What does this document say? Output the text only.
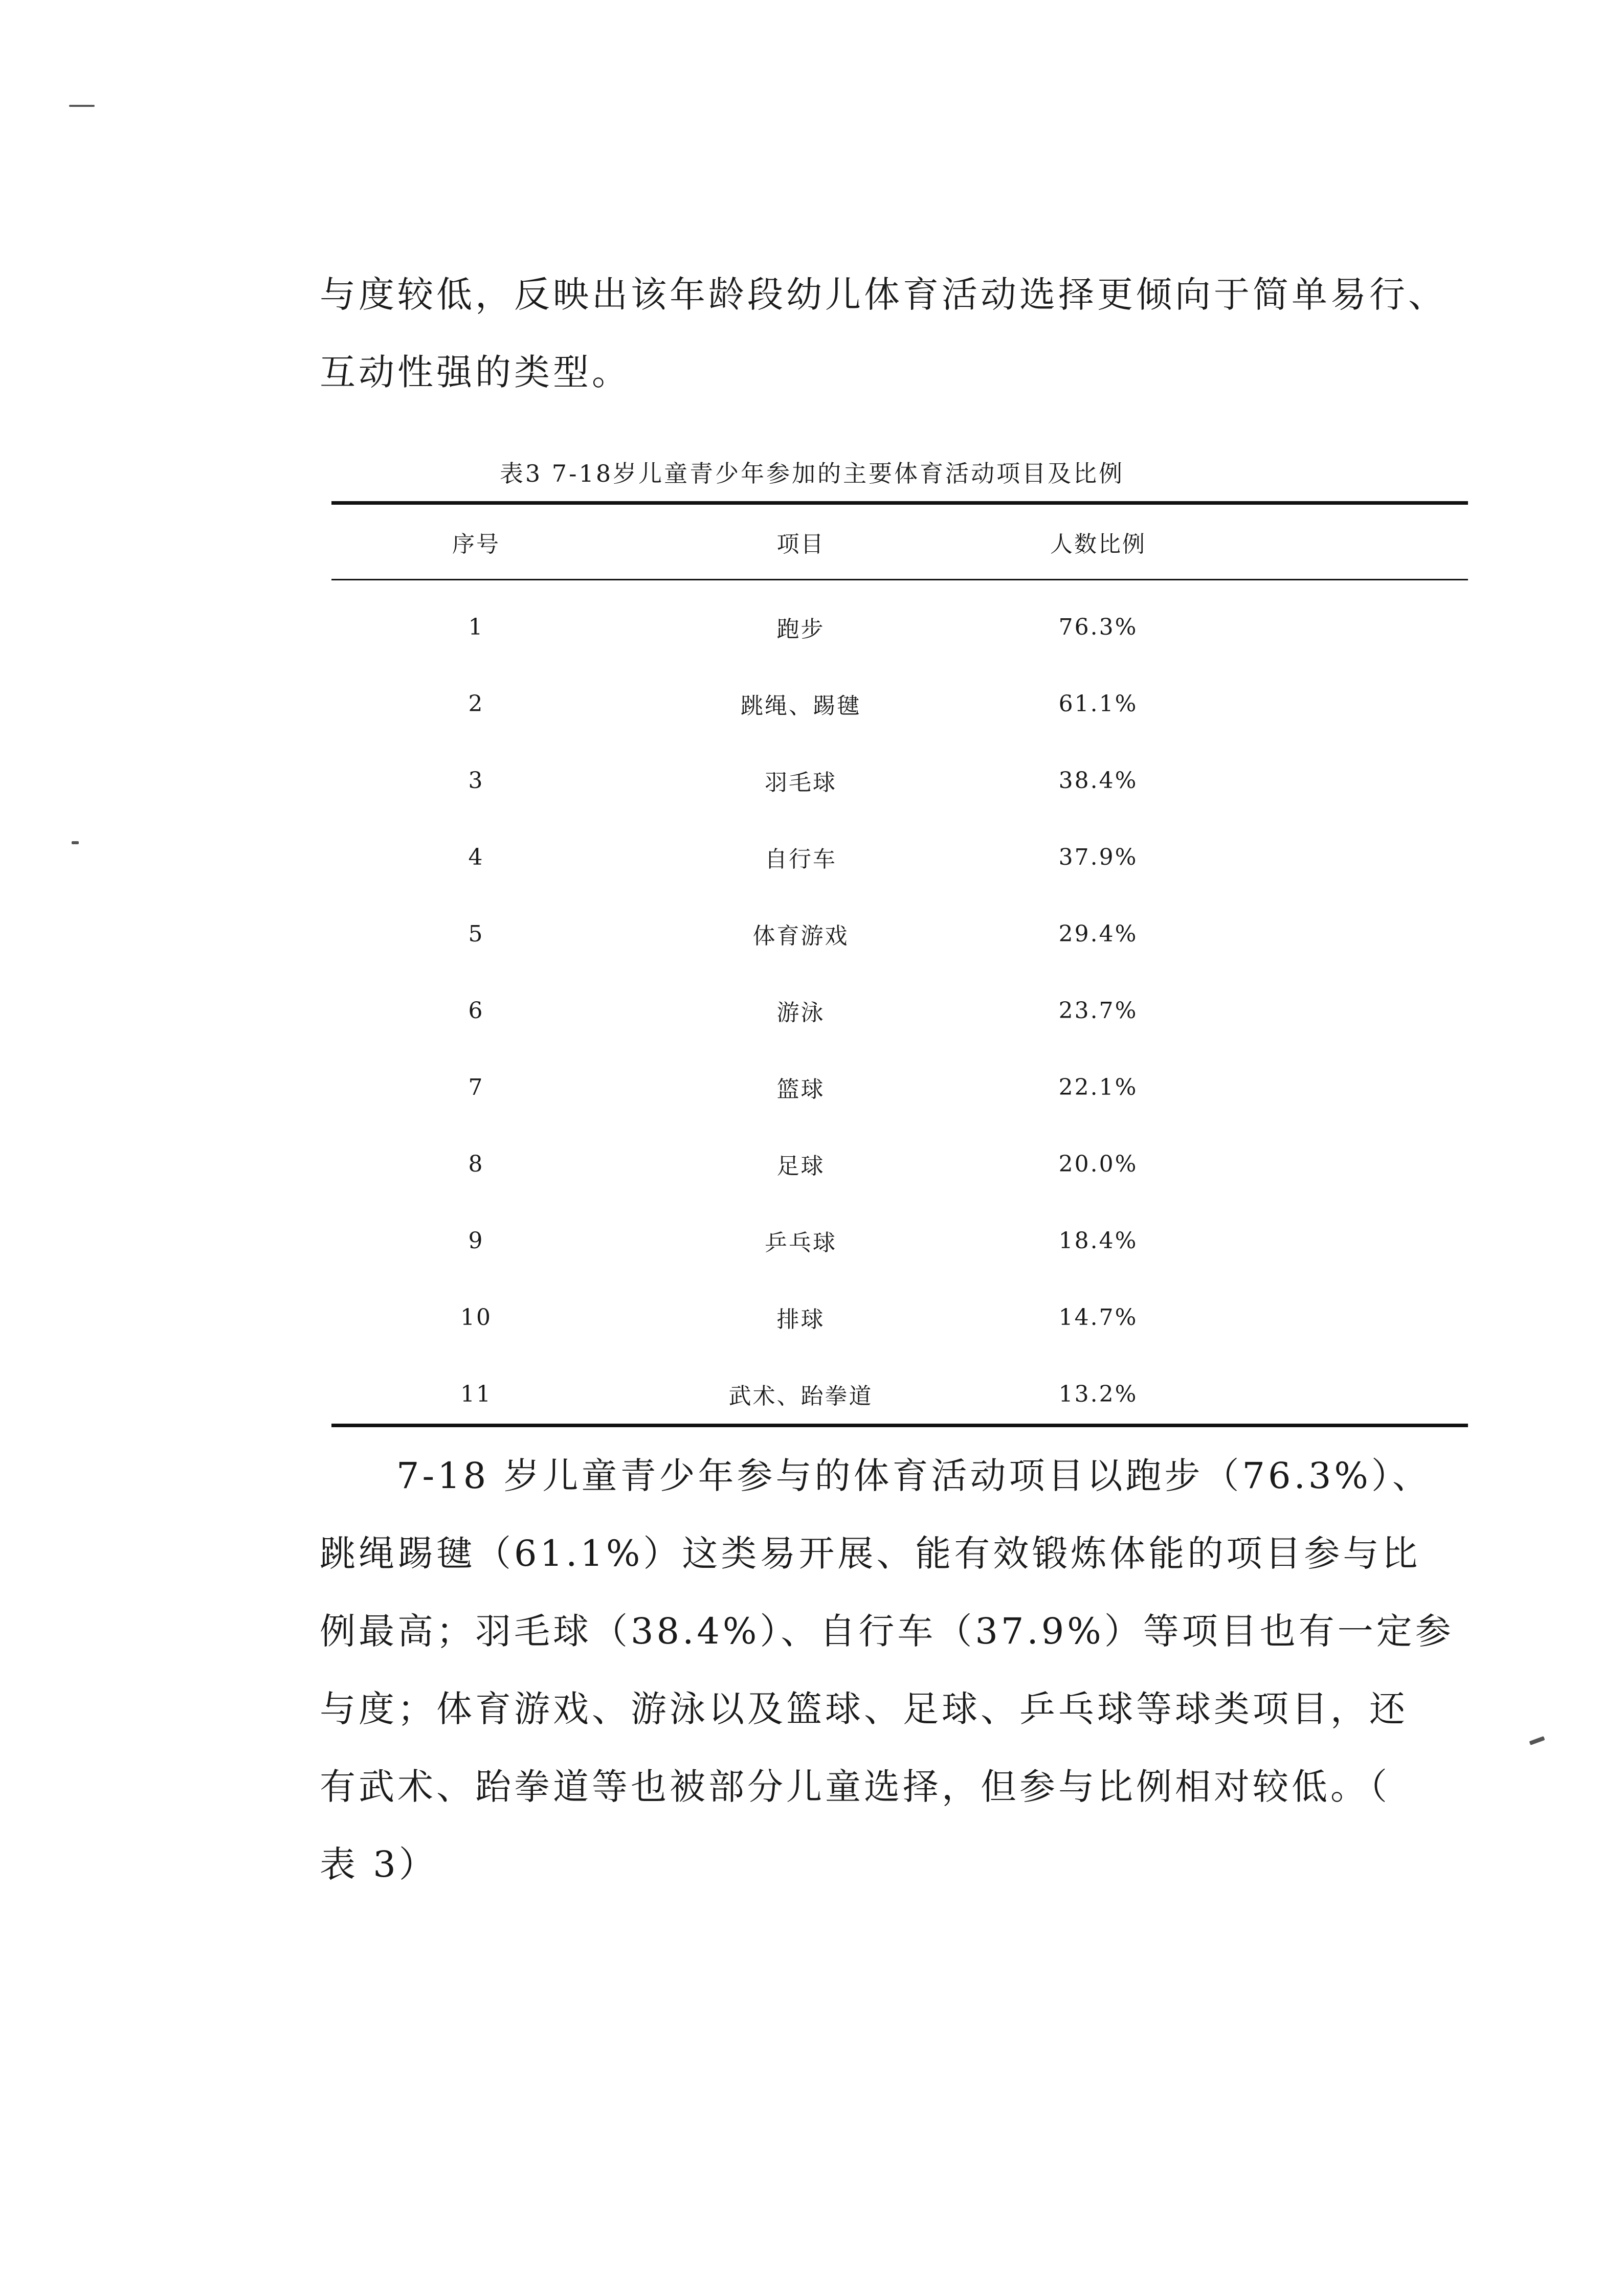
与度较低，反映出该年龄段幼儿体育活动选择更倾向于简单易行、
互动性强的类型。

表3 7-18岁儿童青少年参加的主要体育活动项目及比例

序号	项目	人数比例
1	跑步	76.3%
2	跳绳、踢毽	61.1%
3	羽毛球	38.4%
4	自行车	37.9%
5	体育游戏	29.4%
6	游泳	23.7%
7	篮球	22.1%
8	足球	20.0%
9	乒乓球	18.4%
10	排球	14.7%
11	武术、跆拳道	13.2%

7-18 岁儿童青少年参与的体育活动项目以跑步（76.3%）、
跳绳踢毽（61.1%）这类易开展、能有效锻炼体能的项目参与比
例最高；羽毛球（38.4%）、自行车（37.9%）等项目也有一定参
与度；体育游戏、游泳以及篮球、足球、乒乓球等球类项目，还
有武术、跆拳道等也被部分儿童选择，但参与比例相对较低。（
表 3）
